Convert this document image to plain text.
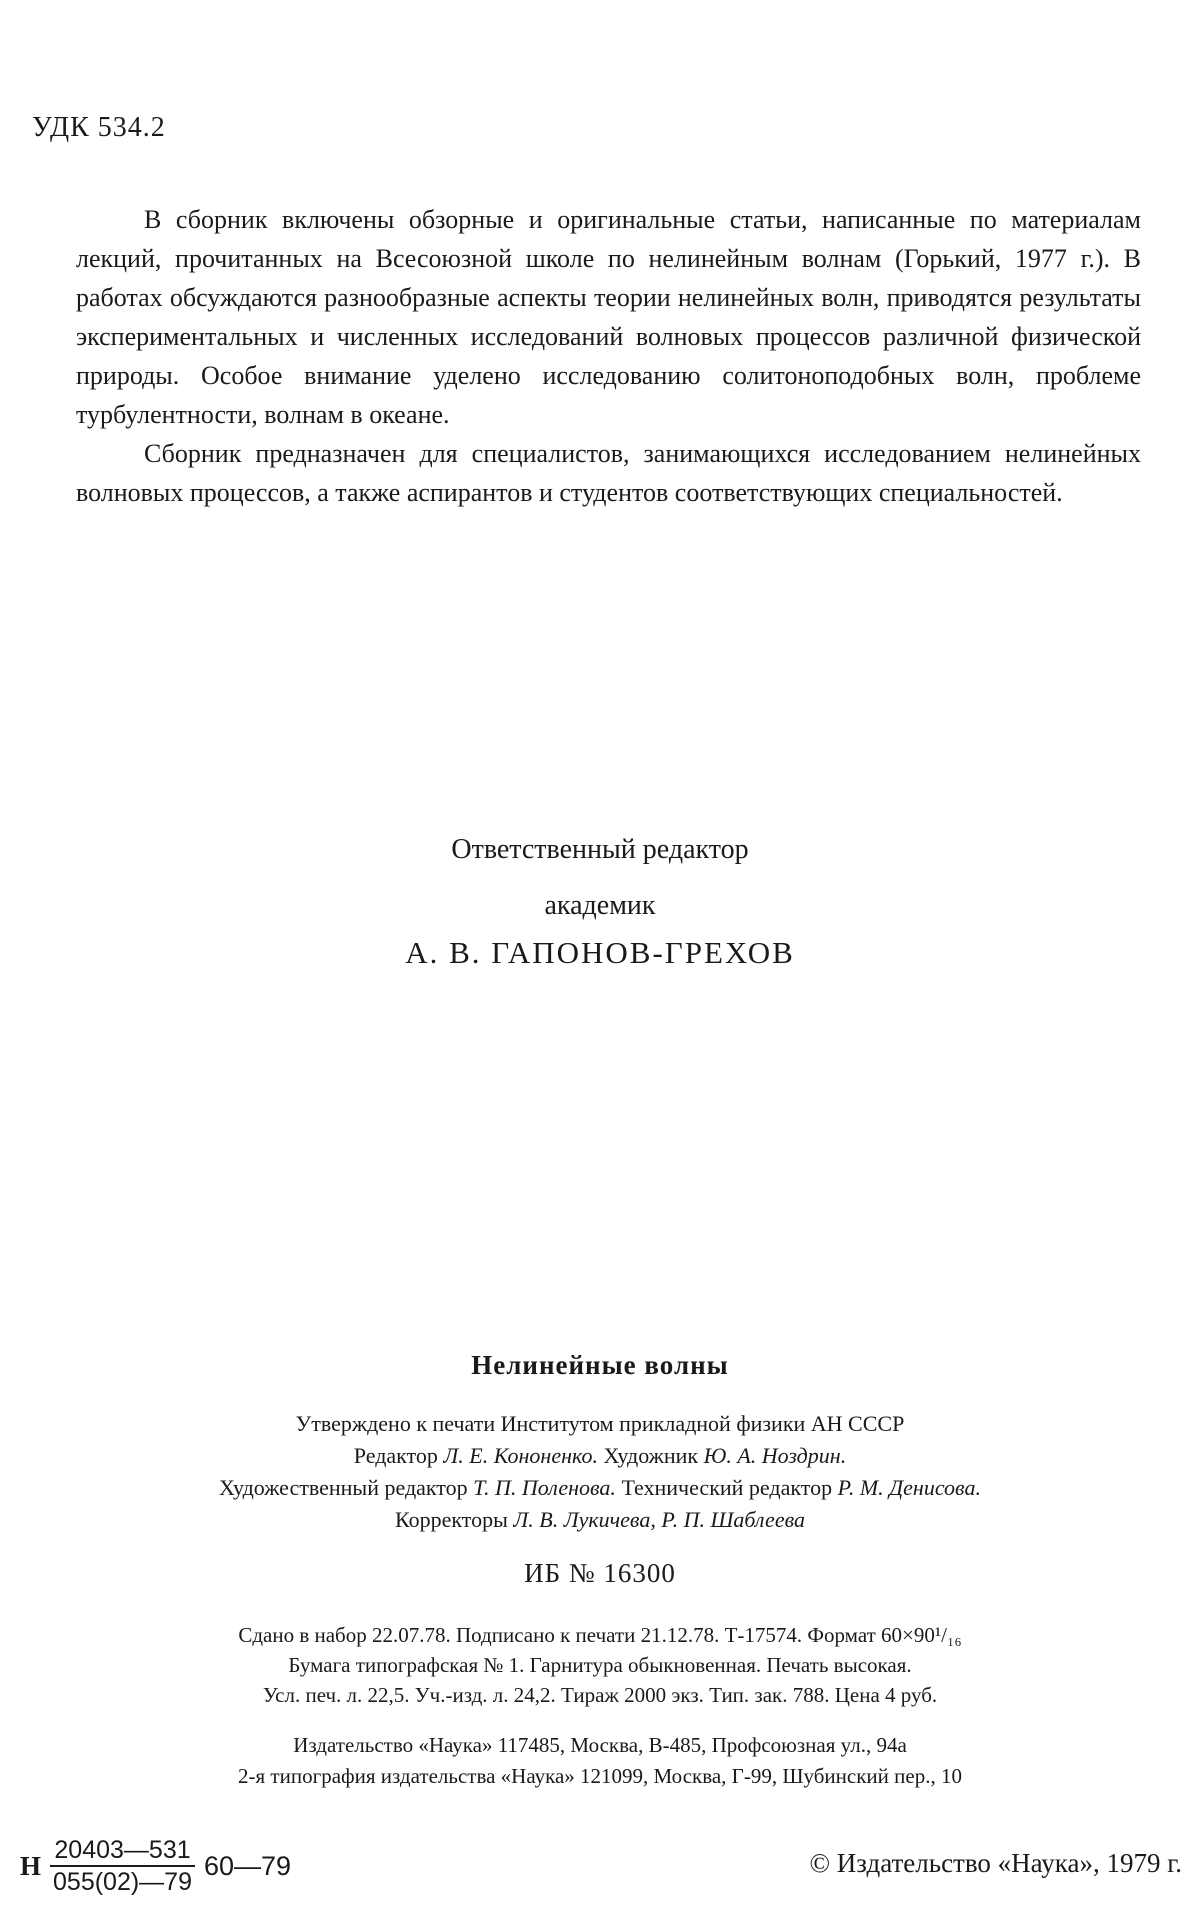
УДК 534.2

В сборник включены обзорные и оригинальные статьи, написанные по материалам лекций, прочитанных на Всесоюзной школе по нелинейным волнам (Горький, 1977 г.). В работах обсуждаются разнообразные аспекты теории нелинейных волн, приводятся результаты экспериментальных и численных исследований волновых процессов различной физической природы. Особое внимание уделено исследованию солитоноподобных волн, проблеме турбулентности, волнам в океане.

Сборник предназначен для специалистов, занимающихся исследованием нелинейных волновых процессов, а также аспирантов и студентов соответствующих специальностей.

Ответственный редактор
академик
А. В. ГАПОНОВ-ГРЕХОВ
Нелинейные волны
Утверждено к печати Институтом прикладной физики АН СССР
Редактор Л. Е. Кононенко. Художник Ю. А. Ноздрин.
Художественный редактор Т. П. Поленова. Технический редактор Р. М. Денисова.
Корректоры Л. В. Лукичева, Р. П. Шаблеева
ИБ № 16300
Сдано в набор 22.07.78. Подписано к печати 21.12.78. Т-17574. Формат 60×90¹/₁₆
Бумага типографская № 1. Гарнитура обыкновенная. Печать высокая.
Усл. печ. л. 22,5. Уч.-изд. л. 24,2. Тираж 2000 экз. Тип. зак. 788. Цена 4 руб.
Издательство «Наука» 117485, Москва, В-485, Профсоюзная ул., 94а
2-я типография издательства «Наука» 121099, Москва, Г-99, Шубинский пер., 10
Н $\frac{20403—531}{055(02)—79}$ 60—79	© Издательство «Наука», 1979 г.
